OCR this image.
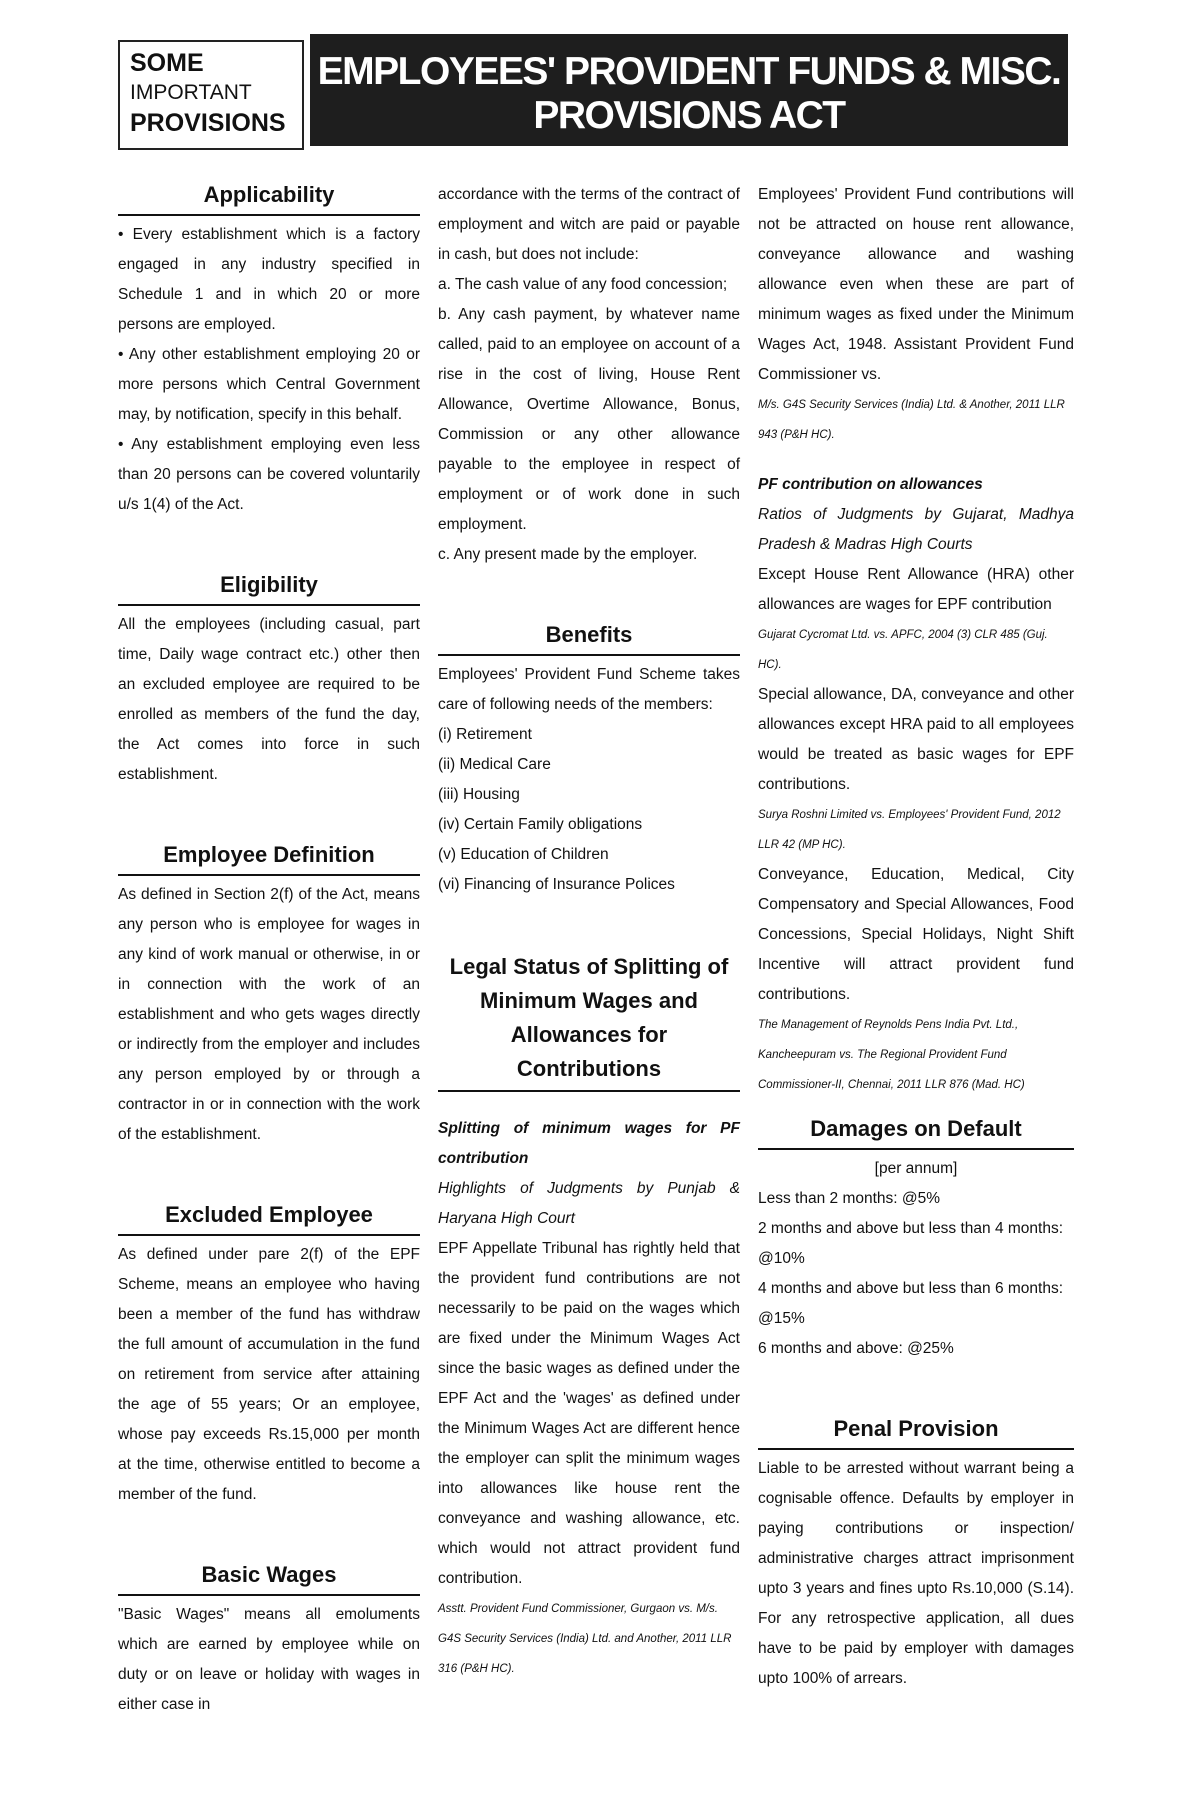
SOME
IMPORTANT
PROVISIONS
EMPLOYEES' PROVIDENT FUNDS & MISC. PROVISIONS ACT
& THE SCHEMES, 1952
Applicability

• Every establishment which is a factory engaged in any industry specified in Schedule 1 and in which 20 or more persons are employed.

• Any other establishment employing 20 or more persons which Central Government may, by notification, specify in this behalf.

• Any establishment employing even less than 20 persons can be covered voluntarily u/s 1(4) of the Act.

Eligibility

All the employees (including casual, part time, Daily wage contract etc.) other then an excluded employee are required to be enrolled as members of the fund the day, the Act comes into force in such establishment.

Employee Definition

As defined in Section 2(f) of the Act, means any person who is employee for wages in any kind of work manual or otherwise, in or in connection with the work of an establishment and who gets wages directly or indirectly from the employer and includes any person employed by or through a contractor in or in connection with the work of the establishment.

Excluded Employee

As defined under pare 2(f) of the EPF Scheme, means an employee who having been a member of the fund has withdraw the full amount of accumulation in the fund on retirement from service after attaining the age of 55 years; Or an employee, whose pay exceeds Rs.15,000 per month at the time, otherwise entitled to become a member of the fund.

Basic Wages

"Basic Wages" means all emoluments which are earned by employee while on duty or on leave or holiday with wages in either case in

accordance with the terms of the contract of employment and witch are paid or payable in cash, but does not include:

a. The cash value of any food concession;

b. Any cash payment, by whatever name called, paid to an employee on account of a rise in the cost of living, House Rent Allowance, Overtime Allowance, Bonus, Commission or any other allowance payable to the employee in respect of employment or of work done in such employment.

c. Any present made by the employer.

Benefits

Employees' Provident Fund Scheme takes care of following needs of the members:

(i) Retirement
(ii) Medical Care
(iii) Housing
(iv) Certain Family obligations
(v) Education of Children
(vi) Financing of Insurance Polices
Legal Status of Splitting of Minimum Wages and Allowances for Contributions

Splitting of minimum wages for PF contribution

Highlights of Judgments by Punjab & Haryana High Court

EPF Appellate Tribunal has rightly held that the provident fund contributions are not necessarily to be paid on the wages which are fixed under the Minimum Wages Act since the basic wages as defined under the EPF Act and the 'wages' as defined under the Minimum Wages Act are different hence the employer can split the minimum wages into allowances like house rent the conveyance and washing allowance, etc. which would not attract provident fund contribution.

Asstt. Provident Fund Commissioner, Gurgaon vs. M/s. G4S Security Services (India) Ltd. and Another, 2011 LLR 316 (P&H HC).

Employees' Provident Fund contributions will not be attracted on house rent allowance, conveyance allowance and washing allowance even when these are part of minimum wages as fixed under the Minimum Wages Act, 1948. Assistant Provident Fund Commissioner vs.

M/s. G4S Security Services (India) Ltd. & Another, 2011 LLR 943 (P&H HC).

PF contribution on allowances

Ratios of Judgments by Gujarat, Madhya Pradesh & Madras High Courts

Except House Rent Allowance (HRA) other allowances are wages for EPF contribution

Gujarat Cycromat Ltd. vs. APFC, 2004 (3) CLR 485 (Guj. HC).

Special allowance, DA, conveyance and other allowances except HRA paid to all employees would be treated as basic wages for EPF contributions.

Surya Roshni Limited vs. Employees' Provident Fund, 2012 LLR 42 (MP HC).

Conveyance, Education, Medical, City Compensatory and Special Allowances, Food Concessions, Special Holidays, Night Shift Incentive will attract provident fund contributions.

The Management of Reynolds Pens India Pvt. Ltd., Kancheepuram vs. The Regional Provident Fund Commissioner-II, Chennai, 2011 LLR 876 (Mad. HC)

Damages on Default
[per annum]
Less than 2 months: @5%
2 months and above but less than 4 months: @10%
4 months and above but less than 6 months: @15%
6 months and above: @25%
Penal Provision

Liable to be arrested without warrant being a cognisable offence. Defaults by employer in paying contributions or inspection/ administrative charges attract imprisonment upto 3 years and fines upto Rs.10,000 (S.14). For any retrospective application, all dues have to be paid by employer with damages upto 100% of arrears.
